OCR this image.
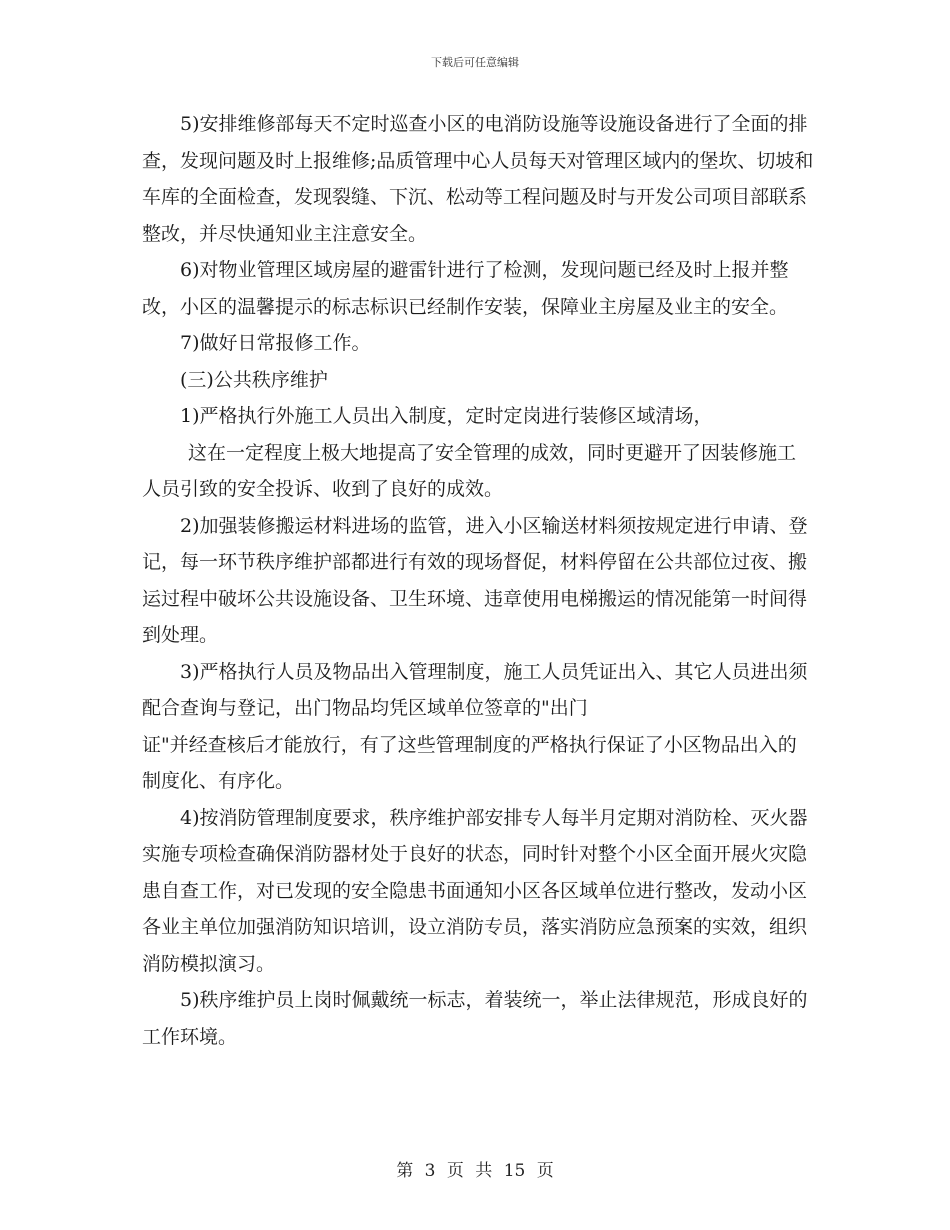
下载后可任意编辑

5)安排维修部每天不定时巡查小区的电消防设施等设施设备进行了全面的排查，发现问题及时上报维修;品质管理中心人员每天对管理区域内的堡坎、切坡和车库的全面检查，发现裂缝、下沉、松动等工程问题及时与开发公司项目部联系整改，并尽快通知业主注意安全。

6)对物业管理区域房屋的避雷针进行了检测，发现问题已经及时上报并整改，小区的温馨提示的标志标识已经制作安装，保障业主房屋及业主的安全。

7)做好日常报修工作。

(三)公共秩序维护

1)严格执行外施工人员出入制度，定时定岗进行装修区域清场，

这在一定程度上极大地提高了安全管理的成效，同时更避开了因装修施工人员引致的安全投诉、收到了良好的成效。

2)加强装修搬运材料进场的监管，进入小区输送材料须按规定进行申请、登记，每一环节秩序维护部都进行有效的现场督促，材料停留在公共部位过夜、搬运过程中破坏公共设施设备、卫生环境、违章使用电梯搬运的情况能第一时间得到处理。

3)严格执行人员及物品出入管理制度，施工人员凭证出入、其它人员进出须配合查询与登记，出门物品均凭区域单位签章的"出门

证"并经查核后才能放行，有了这些管理制度的严格执行保证了小区物品出入的制度化、有序化。

4)按消防管理制度要求，秩序维护部安排专人每半月定期对消防栓、灭火器实施专项检查确保消防器材处于良好的状态，同时针对整个小区全面开展火灾隐患自查工作，对已发现的安全隐患书面通知小区各区域单位进行整改，发动小区各业主单位加强消防知识培训，设立消防专员，落实消防应急预案的实效，组织消防模拟演习。

5)秩序维护员上岗时佩戴统一标志，着装统一，举止法律规范，形成良好的工作环境。

第 3 页 共 15 页
